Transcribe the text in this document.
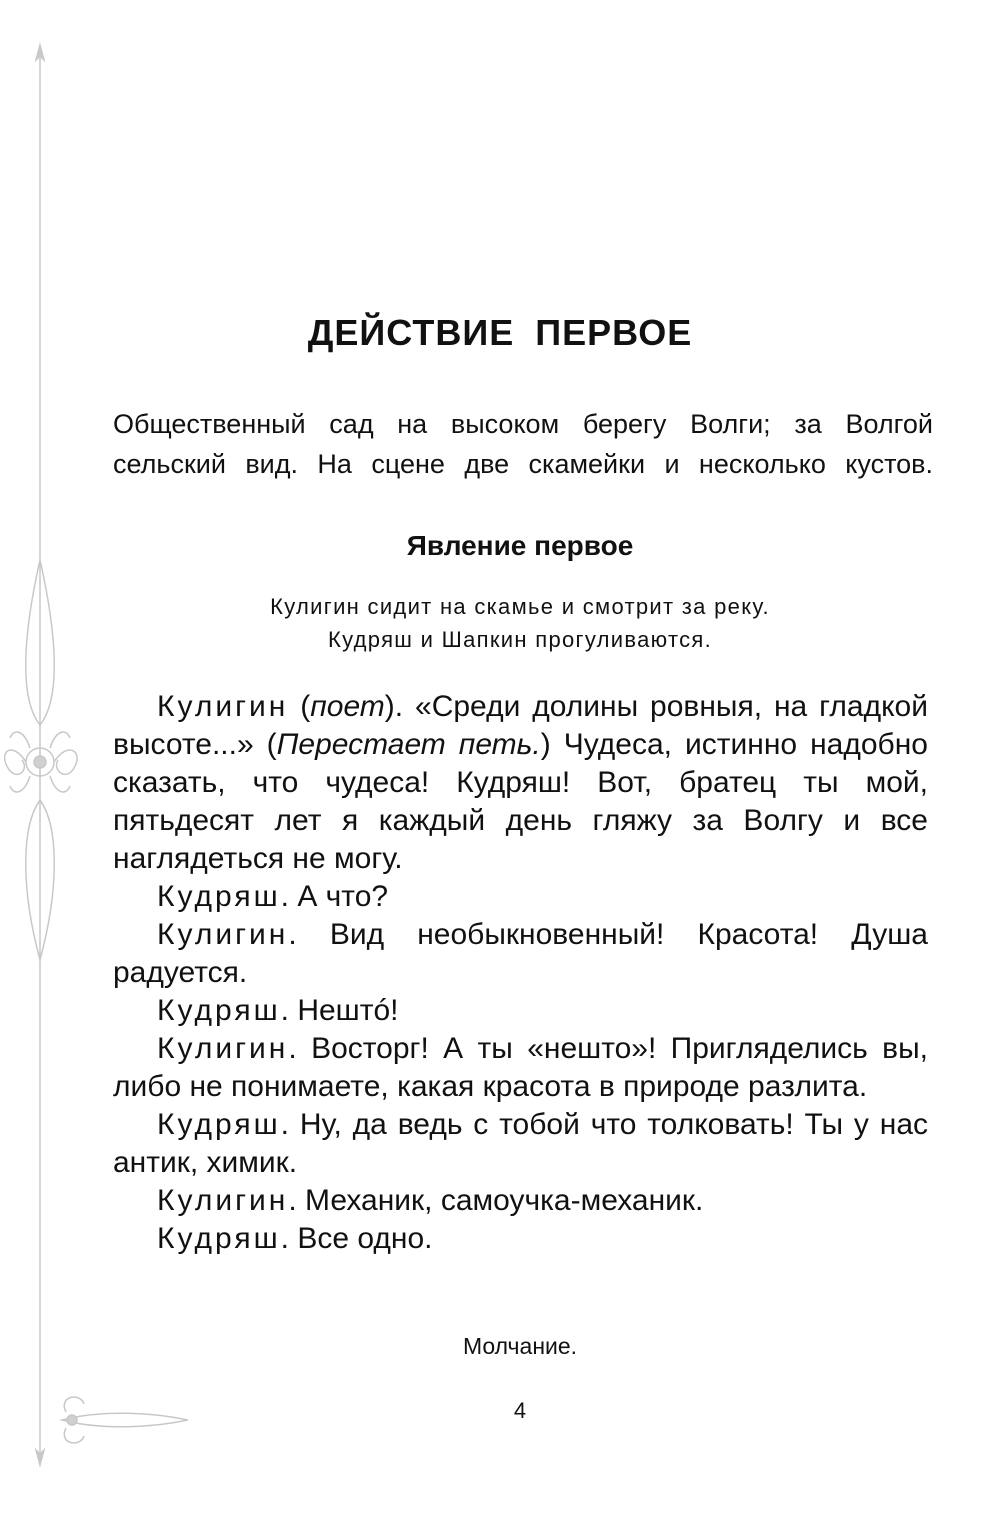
ДЕЙСТВИЕ ПЕРВОЕ

Общественный сад на высоком берегу Волги; за Волгой

сельский вид. На сцене две скамейки и несколько кустов.

Явление первое

Кулигин сидит на скамье и смотрит за реку.

Кудряш и Шапкин прогуливаются.

Кулигин (поет). «Среди долины ровныя, на гладкой высоте...» (Перестает петь.) Чудеса, истинно надобно сказать, что чудеса! Кудряш! Вот, братец ты мой, пятьдесят лет я каждый день гляжу за Волгу и все наглядеться не могу.

Кудряш. А что?

Кулигин. Вид необыкновенный! Красота! Душа радуется.

Кудряш. Нештó!

Кулигин. Восторг! А ты «нешто»! Пригляделись вы, либо не понимаете, какая красота в природе разлита.

Кудряш. Ну, да ведь с тобой что толковать! Ты у нас антик, химик.

Кулигин. Механик, самоучка-механик.

Кудряш. Все одно.

Молчание.
4
